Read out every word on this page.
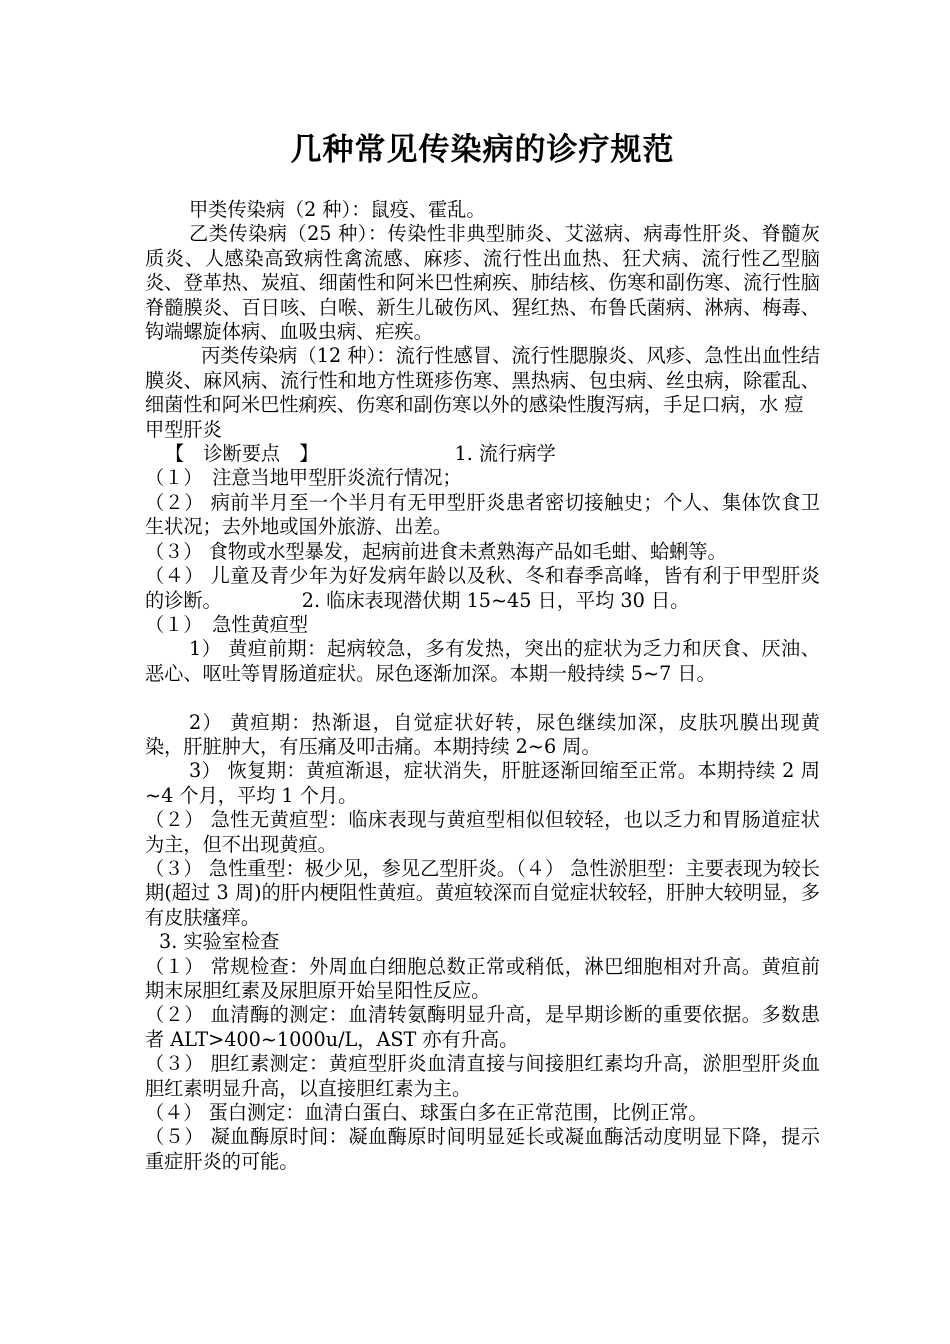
几种常见传染病的诊疗规范

甲类传染病（2 种）：鼠疫、霍乱。

乙类传染病（25 种）：传染性非典型肺炎、艾滋病、病毒性肝炎、脊髓灰质炎、人感染高致病性禽流感、麻疹、流行性出血热、狂犬病、流行性乙型脑炎、登革热、炭疽、细菌性和阿米巴性痢疾、肺结核、伤寒和副伤寒、流行性脑脊髓膜炎、百日咳、白喉、新生儿破伤风、猩红热、布鲁氏菌病、淋病、梅毒、钩端螺旋体病、血吸虫病、疟疾。

丙类传染病（12 种）：流行性感冒、流行性腮腺炎、风疹、急性出血性结膜炎、麻风病、流行性和地方性斑疹伤寒、黑热病、包虫病、丝虫病，除霍乱、细菌性和阿米巴性痢疾、伤寒和副伤寒以外的感染性腹泻病，手足口病，水 痘

甲型肝炎

【　诊断要点　】	1. 流行病学

（１）　注意当地甲型肝炎流行情况；

（２） 病前半月至一个半月有无甲型肝炎患者密切接触史；个人、集体饮食卫生状况；去外地或国外旅游、出差。

（３） 食物或水型暴发，起病前进食未煮熟海产品如毛蚶、蛤蜊等。

（４） 儿童及青少年为好发病年龄以及秋、冬和春季高峰，皆有利于甲型肝炎的诊断。	2. 临床表现潜伏期 15~45 日，平均 30 日。

（１）　急性黄疸型

1） 黄疸前期：起病较急，多有发热，突出的症状为乏力和厌食、厌油、恶心、呕吐等胃肠道症状。尿色逐渐加深。本期一般持续 5~7 日。

2） 黄疸期：热渐退，自觉症状好转，尿色继续加深，皮肤巩膜出现黄染，肝脏肿大，有压痛及叩击痛。本期持续 2~6 周。

3） 恢复期：黄疸渐退，症状消失，肝脏逐渐回缩至正常。本期持续 2 周~4 个月，平均 1 个月。

（２） 急性无黄疸型：临床表现与黄疸型相似但较轻，也以乏力和胃肠道症状为主，但不出现黄疸。

（３） 急性重型：极少见，参见乙型肝炎。（４） 急性淤胆型：主要表现为较长期(超过 3 周)的肝内梗阻性黄疸。黄疸较深而自觉症状较轻，肝肿大较明显，多有皮肤瘙痒。

3. 实验室检查

（１） 常规检查：外周血白细胞总数正常或稍低，淋巴细胞相对升高。黄疸前期末尿胆红素及尿胆原开始呈阳性反应。

（２） 血清酶的测定：血清转氨酶明显升高，是早期诊断的重要依据。多数患者 ALT>400~1000u/L，AST 亦有升高。

（３） 胆红素测定：黄疸型肝炎血清直接与间接胆红素均升高，淤胆型肝炎血胆红素明显升高，以直接胆红素为主。

（４） 蛋白测定：血清白蛋白、球蛋白多在正常范围，比例正常。

（５） 凝血酶原时间：凝血酶原时间明显延长或凝血酶活动度明显下降，提示重症肝炎的可能。
